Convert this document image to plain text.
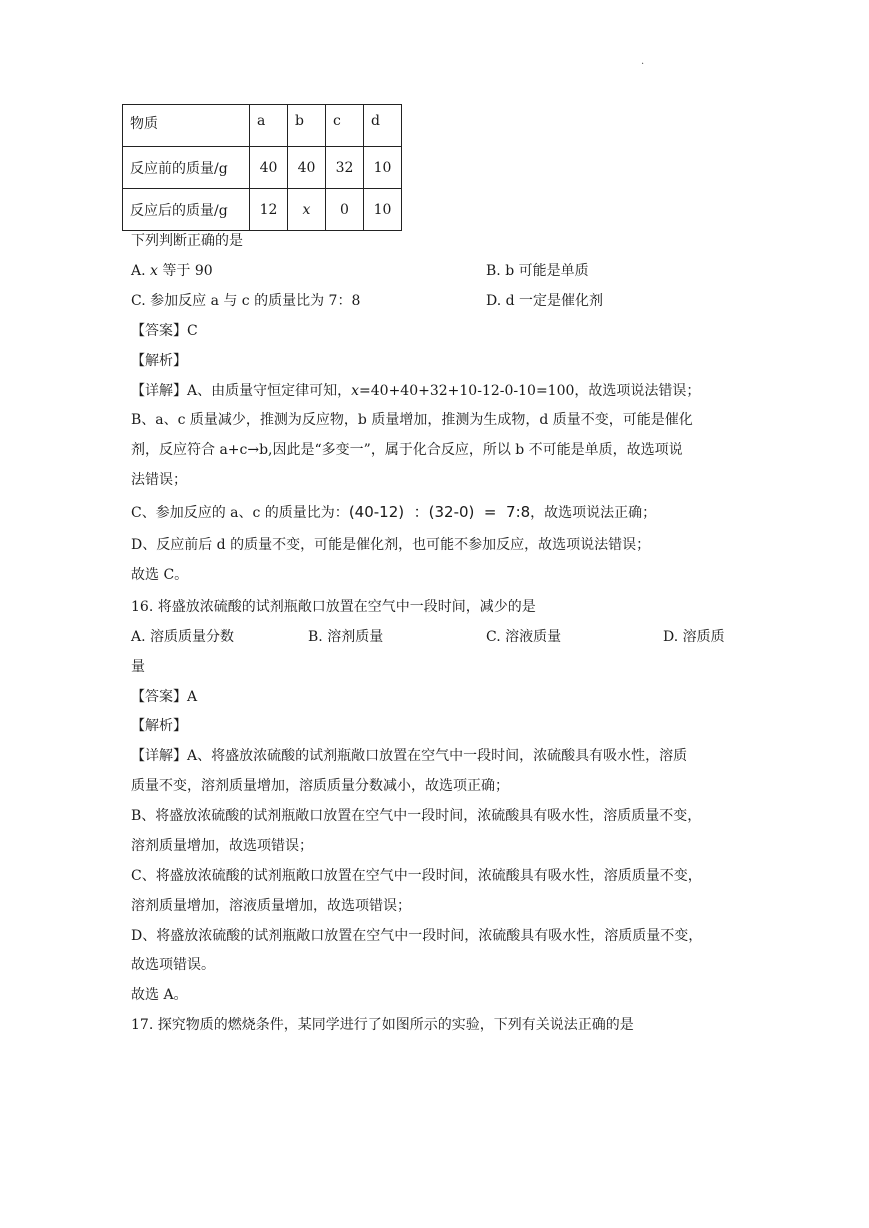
.
物质	a	b	c	d
反应前的质量/g	40	40	32	10
反应后的质量/g	12	x	0	10
下列判断正确的是
A. x 等于 90	B. b 可能是单质
C. 参加反应 a 与 c 的质量比为 7：8	D. d 一定是催化剂
【答案】C
【解析】
【详解】A、由质量守恒定律可知，x=40+40+32+10-12-0-10=100，故选项说法错误；
B、a、c 质量减少，推测为反应物，b 质量增加，推测为生成物，d 质量不变，可能是催化
剂，反应符合 a+c→b,因此是“多变一”，属于化合反应，所以 b 不可能是单质，故选项说
法错误；
C、参加反应的 a、c 的质量比为：(40-12)  ：(32-0)  =  7:8，故选项说法正确；
D、反应前后 d 的质量不变，可能是催化剂，也可能不参加反应，故选项说法错误；
故选 C。
16. 将盛放浓硫酸的试剂瓶敞口放置在空气中一段时间，减少的是
A. 溶质质量分数	B. 溶剂质量	C. 溶液质量	D. 溶质质
量
【答案】A
【解析】
【详解】A、将盛放浓硫酸的试剂瓶敞口放置在空气中一段时间，浓硫酸具有吸水性，溶质
质量不变，溶剂质量增加，溶质质量分数减小，故选项正确；
B、将盛放浓硫酸的试剂瓶敞口放置在空气中一段时间，浓硫酸具有吸水性，溶质质量不变，
溶剂质量增加，故选项错误；
C、将盛放浓硫酸的试剂瓶敞口放置在空气中一段时间，浓硫酸具有吸水性，溶质质量不变，
溶剂质量增加，溶液质量增加，故选项错误；
D、将盛放浓硫酸的试剂瓶敞口放置在空气中一段时间，浓硫酸具有吸水性，溶质质量不变，
故选项错误。
故选 A。
17. 探究物质的燃烧条件，某同学进行了如图所示的实验，下列有关说法正确的是
